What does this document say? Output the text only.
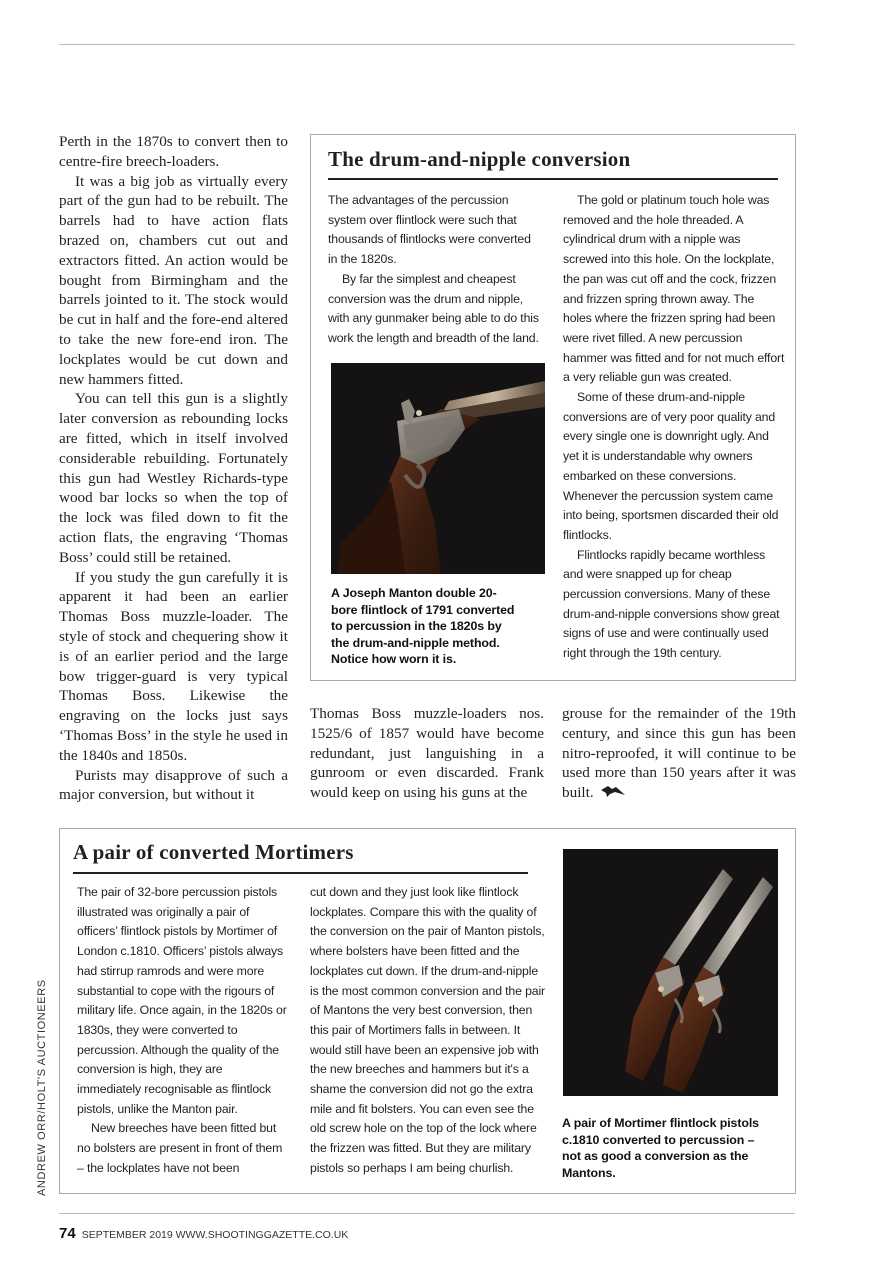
Perth in the 1870s to convert then to centre-fire breech-loaders.

It was a big job as virtually every part of the gun had to be rebuilt. The barrels had to have action flats brazed on, chambers cut out and extractors fitted. An action would be bought from Birmingham and the barrels jointed to it. The stock would be cut in half and the fore-end altered to take the new fore-end iron. The lockplates would be cut down and new hammers fitted.

You can tell this gun is a slightly later conversion as rebounding locks are fitted, which in itself involved considerable rebuilding. Fortunately this gun had Westley Richards-type wood bar locks so when the top of the lock was filed down to fit the action flats, the engraving ‘Thomas Boss’ could still be retained.

If you study the gun carefully it is apparent it had been an earlier Thomas Boss muzzle-loader. The style of stock and chequering show it is of an earlier period and the large bow trigger-guard is very typical Thomas Boss. Likewise the engraving on the locks just says ‘Thomas Boss’ in the style he used in the 1840s and 1850s.

Purists may disapprove of such a major conversion, but without it

The drum-and-nipple conversion

The advantages of the percussion system over flintlock were such that thousands of flintlocks were converted in the 1820s.

By far the simplest and cheapest conversion was the drum and nipple, with any gunmaker being able to do this work the length and breadth of the land.

A Joseph Manton double 20-bore flintlock of 1791 converted to percussion in the 1820s by the drum-and-nipple method. Notice how worn it is.

The gold or platinum touch hole was removed and the hole threaded. A cylindrical drum with a nipple was screwed into this hole. On the lockplate, the pan was cut off and the cock, frizzen and frizzen spring thrown away. The holes where the frizzen spring had been were rivet filled. A new percussion hammer was fitted and for not much effort a very reliable gun was created.

Some of these drum-and-nipple conversions are of very poor quality and every single one is downright ugly. And yet it is understandable why owners embarked on these conversions. Whenever the percussion system came into being, sportsmen discarded their old flintlocks.

Flintlocks rapidly became worthless and were snapped up for cheap percussion conversions. Many of these drum-and-nipple conversions show great signs of use and were continually used right through the 19th century.

Thomas Boss muzzle-loaders nos. 1525/6 of 1857 would have become redundant, just languishing in a gunroom or even discarded. Frank would keep on using his guns at the

grouse for the remainder of the 19th century, and since this gun has been nitro-reproofed, it will continue to be used more than 150 years after it was built.

A pair of converted Mortimers

The pair of 32-bore percussion pistols illustrated was originally a pair of officers’ flintlock pistols by Mortimer of London c.1810. Officers’ pistols always had stirrup ramrods and were more substantial to cope with the rigours of military life. Once again, in the 1820s or 1830s, they were converted to percussion. Although the quality of the conversion is high, they are immediately recognisable as flintlock pistols, unlike the Manton pair.

New breeches have been fitted but no bolsters are present in front of them – the lockplates have not been

cut down and they just look like flintlock lockplates. Compare this with the quality of the conversion on the pair of Manton pistols, where bolsters have been fitted and the lockplates cut down. If the drum-and-nipple is the most common conversion and the pair of Mantons the very best conversion, then this pair of Mortimers falls in between. It would still have been an expensive job with the new breeches and hammers but it's a shame the conversion did not go the extra mile and fit bolsters. You can even see the old screw hole on the top of the lock where the frizzen was fitted. But they are military pistols so perhaps I am being churlish.

A pair of Mortimer flintlock pistols c.1810 converted to percussion – not as good a conversion as the Mantons.
ANDREW ORR/HOLT'S AUCTIONEERS
74 SEPTEMBER 2019 WWW.SHOOTINGGAZETTE.CO.UK
